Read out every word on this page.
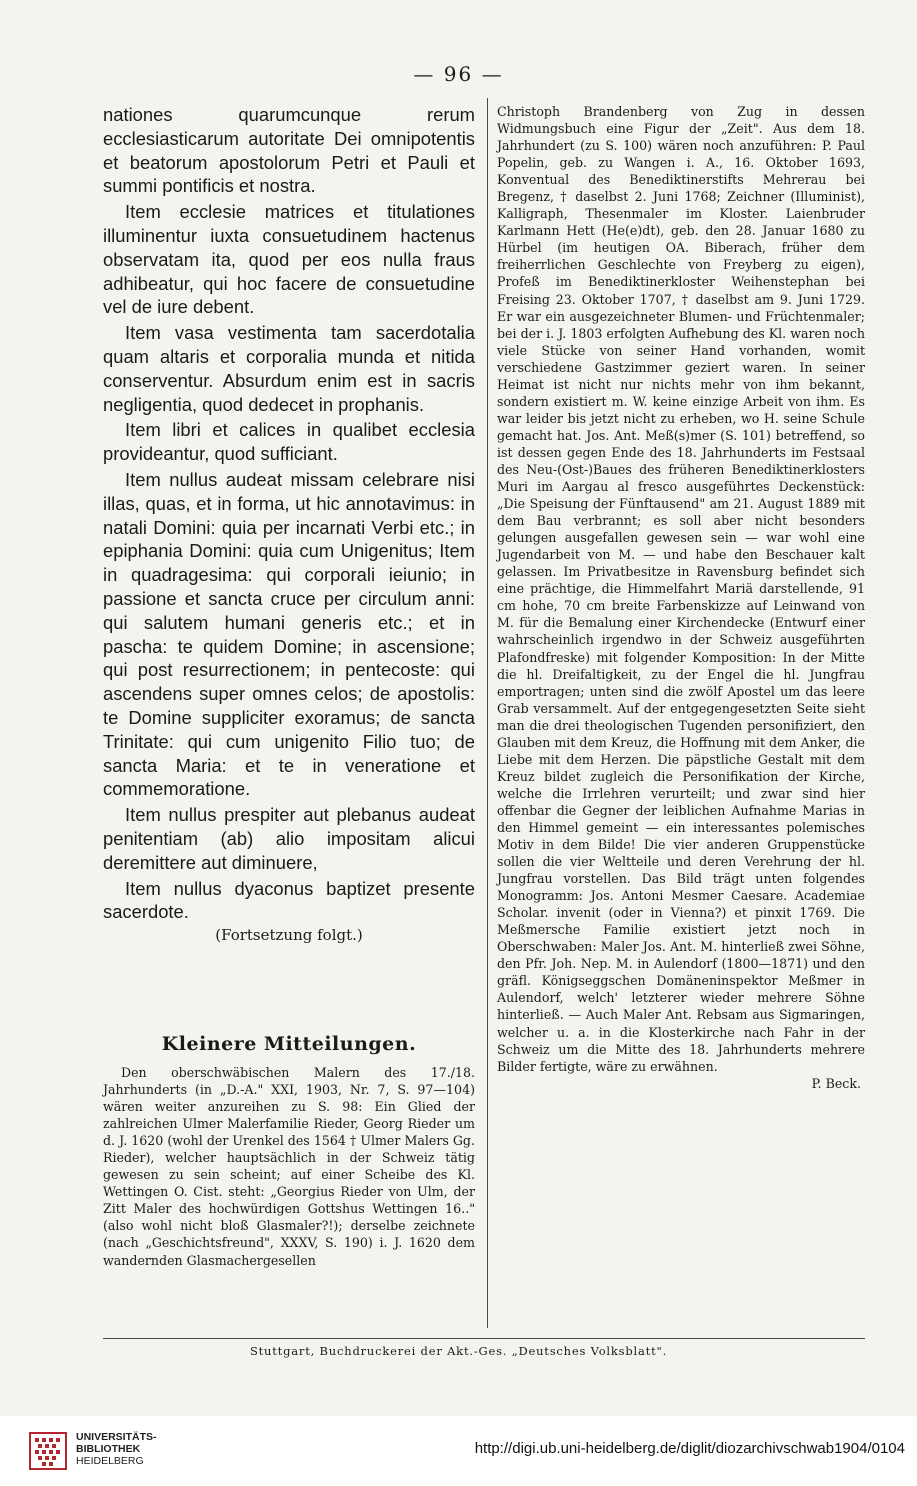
— 96 —

nationes quarumcunque rerum ecclesiasticarum autoritate Dei omnipotentis et beatorum apostolorum Petri et Pauli et summi pontificis et nostra.

Item ecclesie matrices et titulationes illuminentur iuxta consuetudinem hactenus observatam ita, quod per eos nulla fraus adhibeatur, qui hoc facere de consuetudine vel de iure debent.

Item vasa vestimenta tam sacerdotalia quam altaris et corporalia munda et nitida conserventur. Absurdum enim est in sacris negligentia, quod dedecet in prophanis.

Item libri et calices in qualibet ecclesia provideantur, quod sufficiant.

Item nullus audeat missam celebrare nisi illas, quas, et in forma, ut hic annotavimus: in natali Domini: quia per incarnati Verbi etc.; in epiphania Domini: quia cum Unigenitus; Item in quadragesima: qui corporali ieiunio; in passione et sancta cruce per circulum anni: qui salutem humani generis etc.; et in pascha: te quidem Domine; in ascensione; qui post resurrectionem; in pentecoste: qui ascendens super omnes celos; de apostolis: te Domine suppliciter exoramus; de sancta Trinitate: qui cum unigenito Filio tuo; de sancta Maria: et te in veneratione et commemoratione.

Item nullus prespiter aut plebanus audeat penitentiam (ab) alio impositam alicui deremittere aut diminuere,

Item nullus dyaconus baptizet presente sacerdote.

(Fortsetzung folgt.)

Kleinere Mitteilungen.

Den oberschwäbischen Malern des 17./18. Jahrhunderts (in „D.-A." XXI, 1903, Nr. 7, S. 97—104) wären weiter anzureihen zu S. 98: Ein Glied der zahlreichen Ulmer Malerfamilie Rieder, Georg Rieder um d. J. 1620 (wohl der Urenkel des 1564 † Ulmer Malers Gg. Rieder), welcher hauptsächlich in der Schweiz tätig gewesen zu sein scheint; auf einer Scheibe des Kl. Wettingen O. Cist. steht: „Georgius Rieder von Ulm, der Zitt Maler des hochwürdigen Gottshus Wettingen 16.." (also wohl nicht bloß Glasmaler?!); derselbe zeichnete (nach „Geschichtsfreund", XXXV, S. 190) i. J. 1620 dem wandernden Glasmachergesellen

Christoph Brandenberg von Zug in dessen Widmungsbuch eine Figur der „Zeit". Aus dem 18. Jahrhundert (zu S. 100) wären noch anzuführen: P. Paul Popelin, geb. zu Wangen i. A., 16. Oktober 1693, Konventual des Benediktinerstifts Mehrerau bei Bregenz, † daselbst 2. Juni 1768; Zeichner (Illuminist), Kalligraph, Thesenmaler im Kloster. Laienbruder Karlmann Hett (He(e)dt), geb. den 28. Januar 1680 zu Hürbel (im heutigen OA. Biberach, früher dem freiherrlichen Geschlechte von Freyberg zu eigen), Profeß im Benediktinerkloster Weihenstephan bei Freising 23. Oktober 1707, † daselbst am 9. Juni 1729. Er war ein ausgezeichneter Blumen- und Früchtenmaler; bei der i. J. 1803 erfolgten Aufhebung des Kl. waren noch viele Stücke von seiner Hand vorhanden, womit verschiedene Gastzimmer geziert waren. In seiner Heimat ist nicht nur nichts mehr von ihm bekannt, sondern existiert m. W. keine einzige Arbeit von ihm. Es war leider bis jetzt nicht zu erheben, wo H. seine Schule gemacht hat. Jos. Ant. Meß(s)mer (S. 101) betreffend, so ist dessen gegen Ende des 18. Jahrhunderts im Festsaal des Neu-(Ost-)Baues des früheren Benediktinerklosters Muri im Aargau al fresco ausgeführtes Deckenstück: „Die Speisung der Fünftausend" am 21. August 1889 mit dem Bau verbrannt; es soll aber nicht besonders gelungen ausgefallen gewesen sein — war wohl eine Jugendarbeit von M. — und habe den Beschauer kalt gelassen. Im Privatbesitze in Ravensburg befindet sich eine prächtige, die Himmelfahrt Mariä darstellende, 91 cm hohe, 70 cm breite Farbenskizze auf Leinwand von M. für die Bemalung einer Kirchendecke (Entwurf einer wahrscheinlich irgendwo in der Schweiz ausgeführten Plafondfreske) mit folgender Komposition: In der Mitte die hl. Dreifaltigkeit, zu der Engel die hl. Jungfrau emportragen; unten sind die zwölf Apostel um das leere Grab versammelt. Auf der entgegengesetzten Seite sieht man die drei theologischen Tugenden personifiziert, den Glauben mit dem Kreuz, die Hoffnung mit dem Anker, die Liebe mit dem Herzen. Die päpstliche Gestalt mit dem Kreuz bildet zugleich die Personifikation der Kirche, welche die Irrlehren verurteilt; und zwar sind hier offenbar die Gegner der leiblichen Aufnahme Marias in den Himmel gemeint — ein interessantes polemisches Motiv in dem Bilde! Die vier anderen Gruppenstücke sollen die vier Weltteile und deren Verehrung der hl. Jungfrau vorstellen. Das Bild trägt unten folgendes Monogramm: Jos. Antoni Mesmer Caesare. Academiae Scholar. invenit (oder in Vienna?) et pinxit 1769. Die Meßmersche Familie existiert jetzt noch in Oberschwaben: Maler Jos. Ant. M. hinterließ zwei Söhne, den Pfr. Joh. Nep. M. in Aulendorf (1800—1871) und den gräfl. Königseggschen Domäneninspektor Meßmer in Aulendorf, welch' letzterer wieder mehrere Söhne hinterließ. — Auch Maler Ant. Rebsam aus Sigmaringen, welcher u. a. in die Klosterkirche nach Fahr in der Schweiz um die Mitte des 18. Jahrhunderts mehrere Bilder fertigte, wäre zu erwähnen.

P. Beck.
Stuttgart, Buchdruckerei der Akt.-Ges. „Deutsches Volksblatt".
UNIVERSITÄTS-
BIBLIOTHEK
HEIDELBERG
http://digi.ub.uni-heidelberg.de/diglit/diozarchivschwab1904/0104
